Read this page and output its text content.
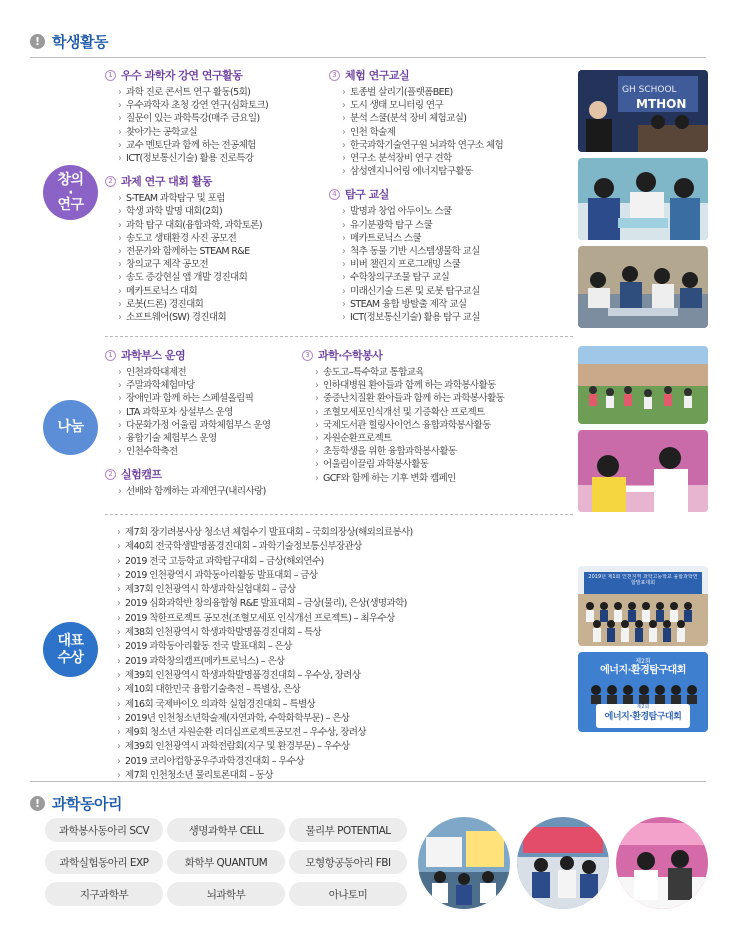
! 학생활동
창의
·
연구
1 우수 과학자 강연 연구활동
› 과학 진로 콘서트 연구 활동(5회)
› 우수과학자 초청 강연 연구(심화토크)
› 질문이 있는 과학특강(매주 금요일)
› 찾아가는 공학교실
› 교수 멘토단과 함께 하는 전공체험
› ICT(정보통신기술) 활용 진로특강
2 과제 연구 대회 활동
› S-TEAM 과학탐구 및 포럼
› 학생 과학 발명 대회(2회)
› 과학 탐구 대회(융합과학, 과학토론)
› 송도고 생태환경 사진 공모전
› 전문가와 함께하는 STEAM R&E
› 창의교구 제작 공모전
› 송도 증강현실 앱 개발 경진대회
› 메카트로닉스 대회
› 로봇(드론) 경진대회
› 소프트웨어(SW) 경진대회
3 체험 연구교실
› 토종벌 살리기(플랫폼BEE)
› 도시 생태 모니터링 연구
› 분석 스쿨(분석 장비 체험교실)
› 인천 학술제
› 한국과학기술연구원 뇌과학 연구소 체험
› 연구소 분석장비 연구 견학
› 삼성엔지니어링 에너지탐구활동
4 탐구 교실
› 발명과 창업 아두이노 스쿨
› 유기분광학 탐구 스쿨
› 메카트로닉스 스쿨
› 척추 동물 기반 시스템생물학 교실
› 비버 챌린지 프로그래밍 스쿨
› 수학창의구조물 탐구 교실
› 미래신기술 드론 및 로봇 탐구교실
› STEAM 융합 방탈출 제작 교실
› ICT(정보통신기술) 활용 탐구 교실
GH SCHOOL
MTHON
나눔
1 과학부스 운영
› 인천과학대제전
› 주말과학체험마당
› 장애인과 함께 하는 스페셜올림픽
› LTA 과학포차 상설부스 운영
› 다문화가정 어울림 과학체험부스 운영
› 융합기술 체험부스 운영
› 인천수학축전
2 실험캠프
› 선배와 함께하는 과제연구(내리사랑)
3 과학·수학봉사
› 송도고–특수학교 통합교육
› 인하대병원 환아들과 함께 하는 과학봉사활동
› 중증난치질환 환아들과 함께 하는 과학봉사활동
› 조혈모세포인식개선 및 기증확산 프로젝트
› 국제도서관 힐링사이언스 융합과학봉사활동
› 자원순환프로젝트
› 초등학생을 위한 융합과학봉사활동
› 어울림이끌림 과학봉사활동
› GCF와 함께 하는 기후 변화 캠페인
대표
수상
› 제7회 장기려봉사상 청소년 체험수기 발표대회 – 국회의장상(해외의료봉사)
› 제40회 전국학생발명품경진대회 – 과학기술정보통신부장관상
› 2019 전국 고등학교 과학탐구대회 – 금상(해외연수)
› 2019 인천광역시 과학동아리활동 발표대회 – 금상
› 제37회 인천광역시 학생과학실험대회 – 금상
› 2019 심화과학반 창의융합형 R&E 발표대회 – 금상(물리), 은상(생명과학)
› 2019 착한프로젝트 공모전(조혈모세포 인식개선 프로젝트) – 최우수상
› 제38회 인천광역시 학생과학발명품경진대회 – 특상
› 2019 과학동아리활동 전국 발표대회 – 은상
› 2019 과학창의캠프(메카트로닉스) – 은상
› 제39회 인천광역시 학생과학발명품경진대회 – 우수상, 장려상
› 제10회 대한민국 융합기술축전 – 특별상, 은상
› 제16회 국제바이오 의과학 실험경진대회 – 특별상
› 2019년 인천청소년학술제(자연과학, 수학화학부문) – 은상
› 제9회 청소년 자원순환 리더십프로젝트공모전 – 우수상, 장려상
› 제39회 인천광역시 과학전람회(지구 및 환경부문) – 우수상
› 2019 코리아컵항공우주과학경진대회 – 우수상
› 제7회 인천청소년 물리토론대회 – 동상
2019년 제1회 인천지역 과학고등학교 융합과학연합발표대회
제2회
에너지·환경탐구대회
제2회
에너지·환경탐구대회
! 과학동아리
과학봉사동아리 SCV	생명과학부 CELL	물리부 POTENTIAL
과학실험동아리 EXP	화학부 QUANTUM	모형항공동아리 FBI
지구과학부	뇌과학부	아나토미
